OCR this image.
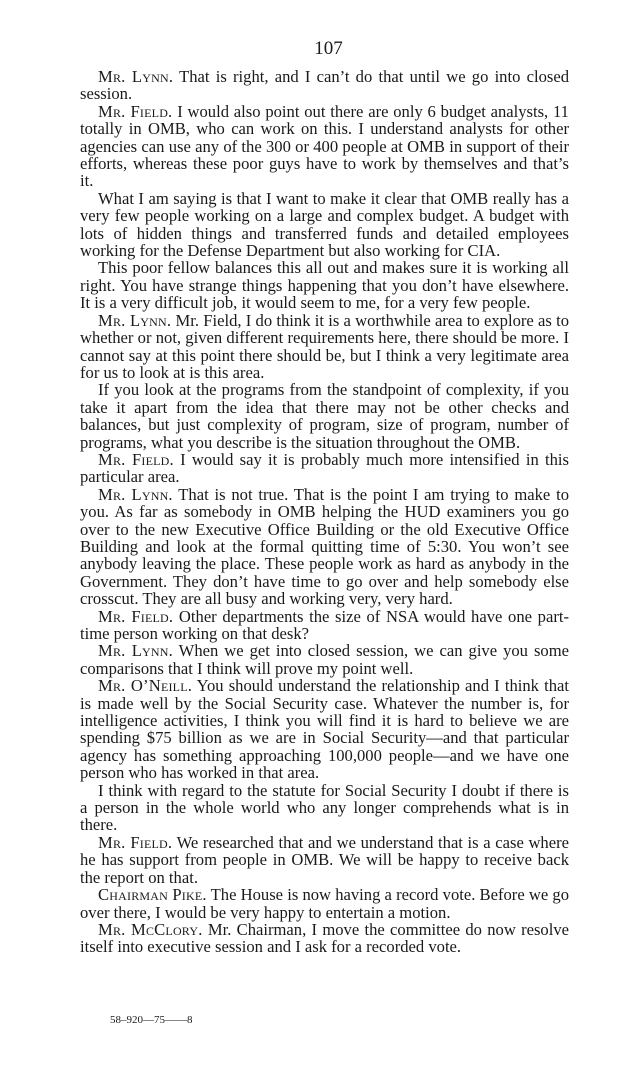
107

Mr. Lynn. That is right, and I can’t do that until we go into closed session.

Mr. Field. I would also point out there are only 6 budget analysts, 11 totally in OMB, who can work on this. I understand analysts for other agencies can use any of the 300 or 400 people at OMB in support of their efforts, whereas these poor guys have to work by themselves and that’s it.

What I am saying is that I want to make it clear that OMB really has a very few people working on a large and complex budget. A budget with lots of hidden things and transferred funds and detailed employees working for the Defense Department but also working for CIA.

This poor fellow balances this all out and makes sure it is working all right. You have strange things happening that you don’t have elsewhere. It is a very difficult job, it would seem to me, for a very few people.

Mr. Lynn. Mr. Field, I do think it is a worthwhile area to explore as to whether or not, given different requirements here, there should be more. I cannot say at this point there should be, but I think a very legitimate area for us to look at is this area.

If you look at the programs from the standpoint of complexity, if you take it apart from the idea that there may not be other checks and balances, but just complexity of program, size of program, number of programs, what you describe is the situation throughout the OMB.

Mr. Field. I would say it is probably much more intensified in this particular area.

Mr. Lynn. That is not true. That is the point I am trying to make to you. As far as somebody in OMB helping the HUD examiners you go over to the new Executive Office Building or the old Executive Office Building and look at the formal quitting time of 5:30. You won’t see anybody leaving the place. These people work as hard as anybody in the Government. They don’t have time to go over and help somebody else crosscut. They are all busy and working very, very hard.

Mr. Field. Other departments the size of NSA would have one part-time person working on that desk?

Mr. Lynn. When we get into closed session, we can give you some comparisons that I think will prove my point well.

Mr. O’Neill. You should understand the relationship and I think that is made well by the Social Security case. Whatever the number is, for intelligence activities, I think you will find it is hard to believe we are spending $75 billion as we are in Social Security—and that particular agency has something approaching 100,000 people—and we have one person who has worked in that area.

I think with regard to the statute for Social Security I doubt if there is a person in the whole world who any longer comprehends what is in there.

Mr. Field. We researched that and we understand that is a case where he has support from people in OMB. We will be happy to receive back the report on that.

Chairman Pike. The House is now having a record vote. Before we go over there, I would be very happy to entertain a motion.

Mr. McClory. Mr. Chairman, I move the committee do now resolve itself into executive session and I ask for a recorded vote.

58–920—75——8
